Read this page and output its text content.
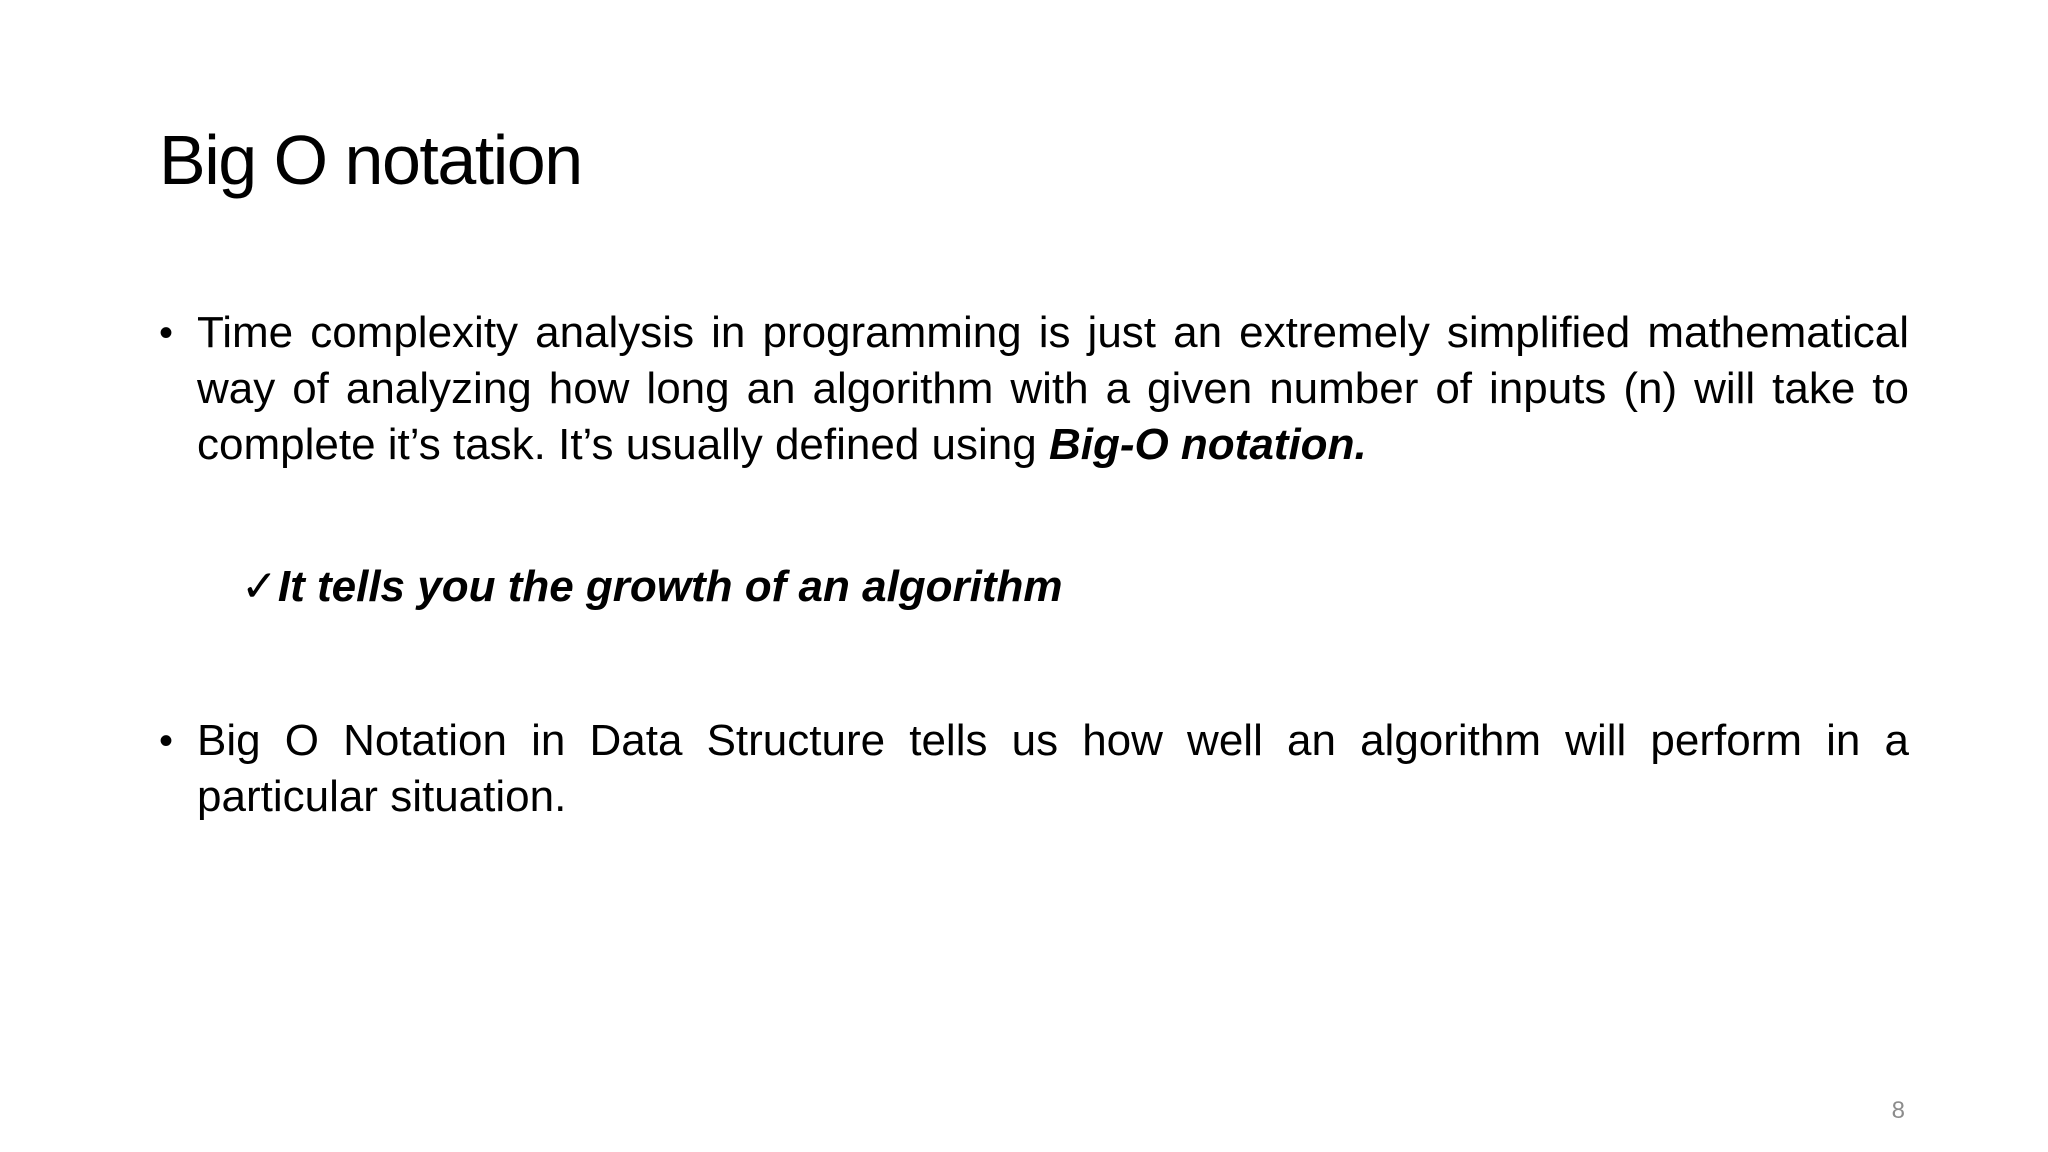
Big O notation

• Time complexity analysis in programming is just an extremely simplified mathematical way of analyzing how long an algorithm with a given number of inputs (n) will take to complete it’s task. It’s usually defined using Big-O notation.

✓It tells you the growth of an algorithm

• Big O Notation in Data Structure tells us how well an algorithm will perform in a particular situation.

8
